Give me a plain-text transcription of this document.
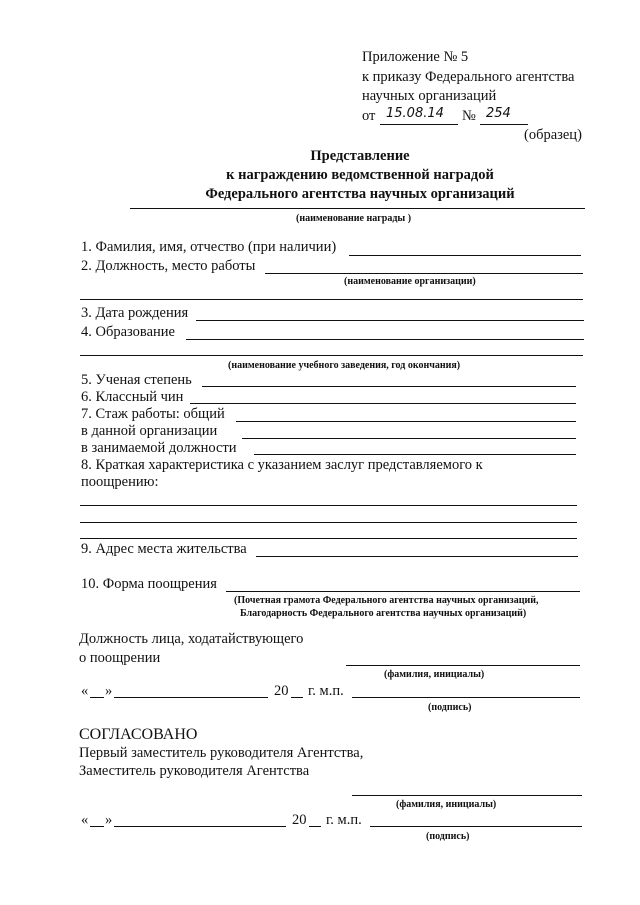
Приложение № 5
к приказу Федерального агентства
научных организаций
от 15.08.14 № 254
(образец)
Представление
к награждению ведомственной наградой
Федерального агентства научных организаций
(наименование награды )
1. Фамилия, имя, отчество (при наличии)
2. Должность, место работы
(наименование организации)
3. Дата рождения
4. Образование
(наименование учебного заведения, год окончания)
5. Ученая степень
6. Классный чин
7. Стаж работы: общий
в данной организации
в занимаемой должности
8. Краткая характеристика с указанием заслуг представляемого к
поощрению:
9. Адрес места жительства
10. Форма поощрения
(Почетная грамота Федерального агентства научных организаций,
Благодарность Федерального агентства научных организаций)
Должность лица, ходатайствующего
о поощрении
(фамилия, инициалы)
« »	20 г. м.п.
(подпись)
СОГЛАСОВАНО
Первый заместитель руководителя Агентства,
Заместитель руководителя Агентства
(фамилия, инициалы)
« »	20 г. м.п.
(подпись)
